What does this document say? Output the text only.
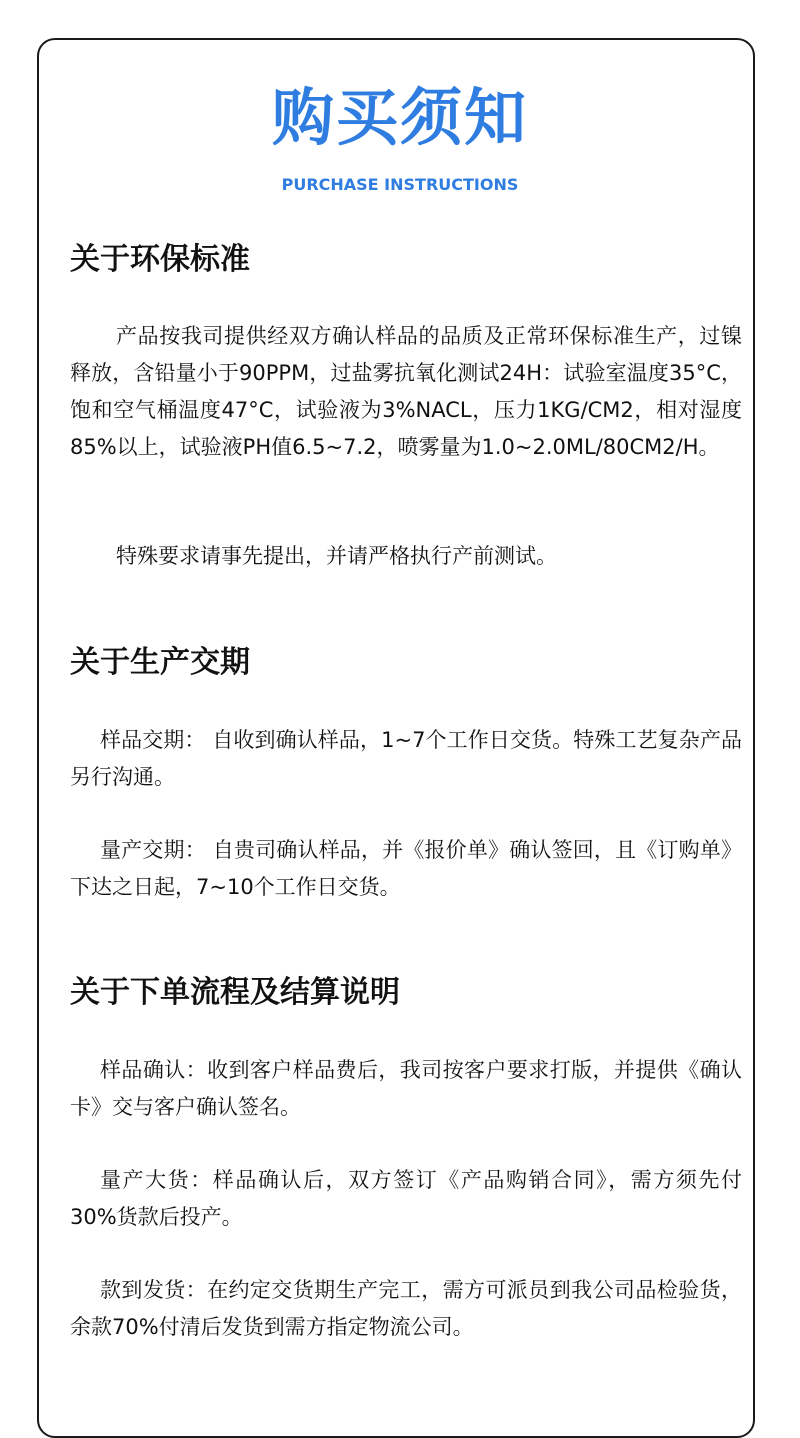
购买须知
PURCHASE INSTRUCTIONS
关于环保标准
产品按我司提供经双方确认样品的品质及正常环保标准生产，过镍释放，含铅量小于90PPM，过盐雾抗氧化测试24H：试验室温度35°C，饱和空气桶温度47°C，试验液为3%NACL，压力1KG/CM2，相对湿度85%以上，试验液PH值6.5~7.2，喷雾量为1.0~2.0ML/80CM2/H。
特殊要求请事先提出，并请严格执行产前测试。
关于生产交期
样品交期： 自收到确认样品，1~7个工作日交货。特殊工艺复杂产品另行沟通。
量产交期： 自贵司确认样品，并《报价单》确认签回，且《订购单》下达之日起，7~10个工作日交货。
关于下单流程及结算说明
样品确认：收到客户样品费后，我司按客户要求打版，并提供《确认卡》交与客户确认签名。
量产大货：样品确认后，双方签订《产品购销合同》，需方须先付30%货款后投产。
款到发货：在约定交货期生产完工，需方可派员到我公司品检验货，余款70%付清后发货到需方指定物流公司。
